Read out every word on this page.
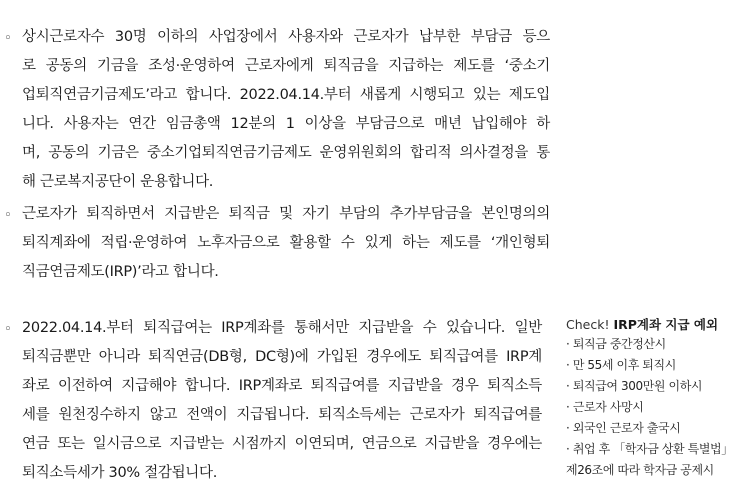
◦ 상시근로자수 30명 이하의 사업장에서 사용자와 근로자가 납부한 부담금 등으
로 공동의 기금을 조성·운영하여 근로자에게 퇴직금을 지급하는 제도를 ‘중소기
업퇴직연금기금제도’라고 합니다. 2022.04.14.부터 새롭게 시행되고 있는 제도입
니다. 사용자는 연간 임금총액 12분의 1 이상을 부담금으로 매년 납입해야 하
며, 공동의 기금은 중소기업퇴직연금기금제도 운영위원회의 합리적 의사결정을 통
해 근로복지공단이 운용합니다.
◦ 근로자가 퇴직하면서 지급받은 퇴직금 및 자기 부담의 추가부담금을 본인명의의
퇴직계좌에 적립·운영하여 노후자금으로 활용할 수 있게 하는 제도를 ‘개인형퇴
직금연금제도(IRP)’라고 합니다.
◦ 2022.04.14.부터 퇴직급여는 IRP계좌를 통해서만 지급받을 수 있습니다. 일반
퇴직금뿐만 아니라 퇴직연금(DB형, DC형)에 가입된 경우에도 퇴직급여를 IRP계
좌로 이전하여 지급해야 합니다. IRP계좌로 퇴직급여를 지급받을 경우 퇴직소득
세를 원천징수하지 않고 전액이 지급됩니다. 퇴직소득세는 근로자가 퇴직급여를
연금 또는 일시금으로 지급받는 시점까지 이연되며, 연금으로 지급받을 경우에는
퇴직소득세가 30% 절감됩니다.
Check! IRP계좌 지급 예외
· 퇴직금 중간정산시
· 만 55세 이후 퇴직시
· 퇴직급여 300만원 이하시
· 근로자 사망시
· 외국인 근로자 출국시
· 취업 후 「학자금 상환 특별법」
제26조에 따라 학자금 공제시
